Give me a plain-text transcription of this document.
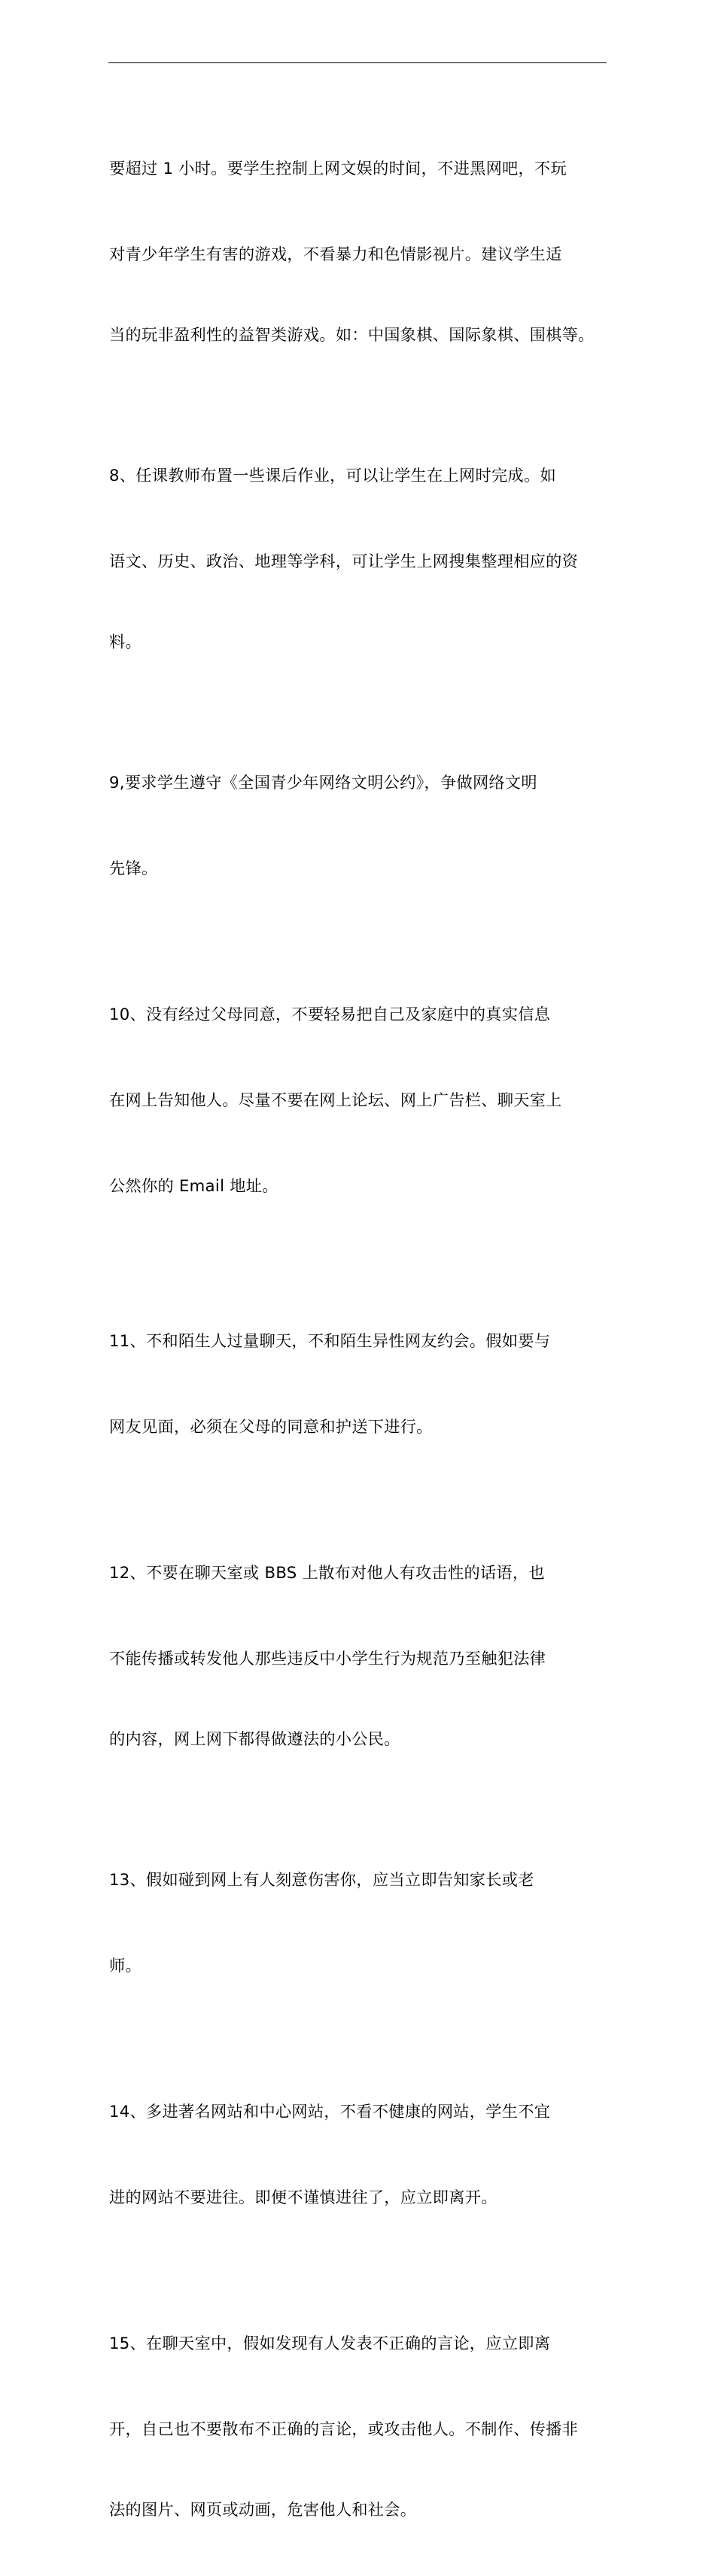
要超过 1 小时。要学生控制上网文娱的时间，不进黑网吧，不玩

对青少年学生有害的游戏，不看暴力和色情影视片。建议学生适

当的玩非盈利性的益智类游戏。如：中国象棋、国际象棋、围棋等。

8、任课教师布置一些课后作业，可以让学生在上网时完成。如

语文、历史、政治、地理等学科，可让学生上网搜集整理相应的资

料。

9,要求学生遵守《全国青少年网络文明公约》，争做网络文明

先锋。

10、没有经过父母同意，不要轻易把自己及家庭中的真实信息

在网上告知他人。尽量不要在网上论坛、网上广告栏、聊天室上

公然你的 Email 地址。

11、不和陌生人过量聊天，不和陌生异性网友约会。假如要与

网友见面，必须在父母的同意和护送下进行。

12、不要在聊天室或 BBS 上散布对他人有攻击性的话语，也

不能传播或转发他人那些违反中小学生行为规范乃至触犯法律

的内容，网上网下都得做遵法的小公民。

13、假如碰到网上有人刻意伤害你，应当立即告知家长或老

师。

14、多进著名网站和中心网站，不看不健康的网站，学生不宜

进的网站不要进往。即便不谨慎进往了，应立即离开。

15、在聊天室中，假如发现有人发表不正确的言论，应立即离

开，自己也不要散布不正确的言论，或攻击他人。不制作、传播非

法的图片、网页或动画，危害他人和社会。
